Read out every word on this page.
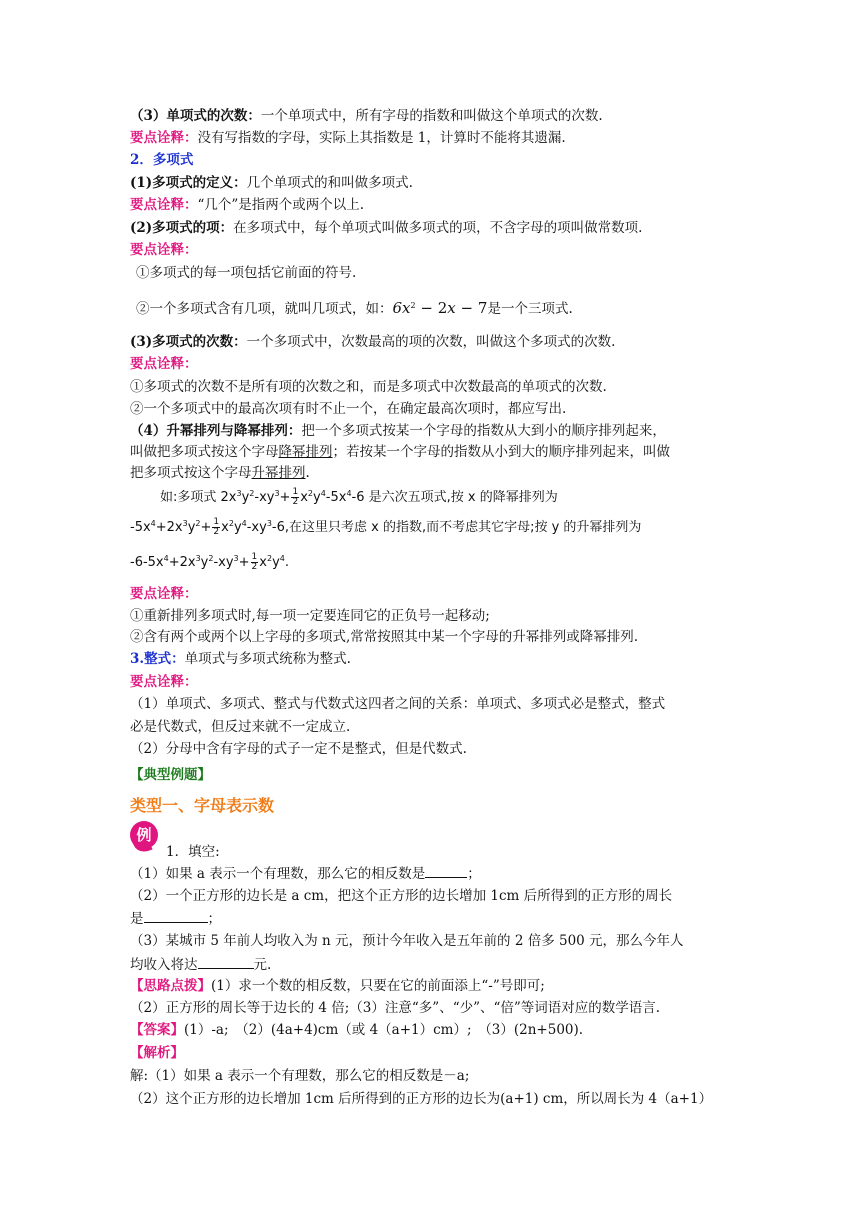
（3）单项式的次数：一个单项式中，所有字母的指数和叫做这个单项式的次数.
要点诠释：没有写指数的字母，实际上其指数是 1，计算时不能将其遗漏.
2．多项式
(1)多项式的定义：几个单项式的和叫做多项式.
要点诠释：“几个”是指两个或两个以上.
(2)多项式的项：在多项式中，每个单项式叫做多项式的项，不含字母的项叫做常数项.
要点诠释：
①多项式的每一项包括它前面的符号.
②一个多项式含有几项，就叫几项式，如：$6x^2 - 2x - 7$是一个三项式.
(3)多项式的次数：一个多项式中，次数最高的项的次数，叫做这个多项式的次数.
要点诠释：
①多项式的次数不是所有项的次数之和，而是多项式中次数最高的单项式的次数.
②一个多项式中的最高次项有时不止一个，在确定最高次项时，都应写出.
（4）升幂排列与降幂排列：把一个多项式按某一个字母的指数从大到小的顺序排列起来，
叫做把多项式按这个字母降幂排列；若按某一个字母的指数从小到大的顺序排列起来，叫做
把多项式按这个字母升幂排列.
如:多项式 $2x^3y^2-xy^3+ \frac{1}{2} x^2y^4-5x^4-6$ 是六次五项式,按 x 的降幂排列为
$-5x^4+2x^3y^2+ \frac{1}{2} x^2y^4-xy^3-6$,在这里只考虑 x 的指数,而不考虑其它字母;按 y 的升幂排列为
$-6-5x^4+2x^3y^2-xy^3+ \frac{1}{2} x^2y^4$.
要点诠释：
①重新排列多项式时,每一项一定要连同它的正负号一起移动;
②含有两个或两个以上字母的多项式,常常按照其中某一个字母的升幂排列或降幂排列.
3.整式：单项式与多项式统称为整式.
要点诠释：
（1）单项式、多项式、整式与代数式这四者之间的关系：单项式、多项式必是整式，整式
必是代数式，但反过来就不一定成立.
（2）分母中含有字母的式子一定不是整式，但是代数式.
【典型例题】
类型一、字母表示数
例
1．填空:
（1）如果 a 表示一个有理数，那么它的相反数是	；
（2）一个正方形的边长是 a cm，把这个正方形的边长增加 1cm 后所得到的正方形的周长
是	；
（3）某城市 5 年前人均收入为 n 元，预计今年收入是五年前的 2 倍多 500 元，那么今年人
均收入将达	元.
【思路点拨】(1）求一个数的相反数，只要在它的前面添上“-”号即可;
（2）正方形的周长等于边长的 4 倍;（3）注意“多”、“少”、“倍”等词语对应的数学语言.
【答案】(1）-a;　（2）(4a+4)cm（或 4（a+1）cm）;　（3）(2n+500).
【解析】
解:（1）如果 a 表示一个有理数，那么它的相反数是－a;
（2）这个正方形的边长增加 1cm 后所得到的正方形的边长为(a+1) cm，所以周长为 4（a+1）
